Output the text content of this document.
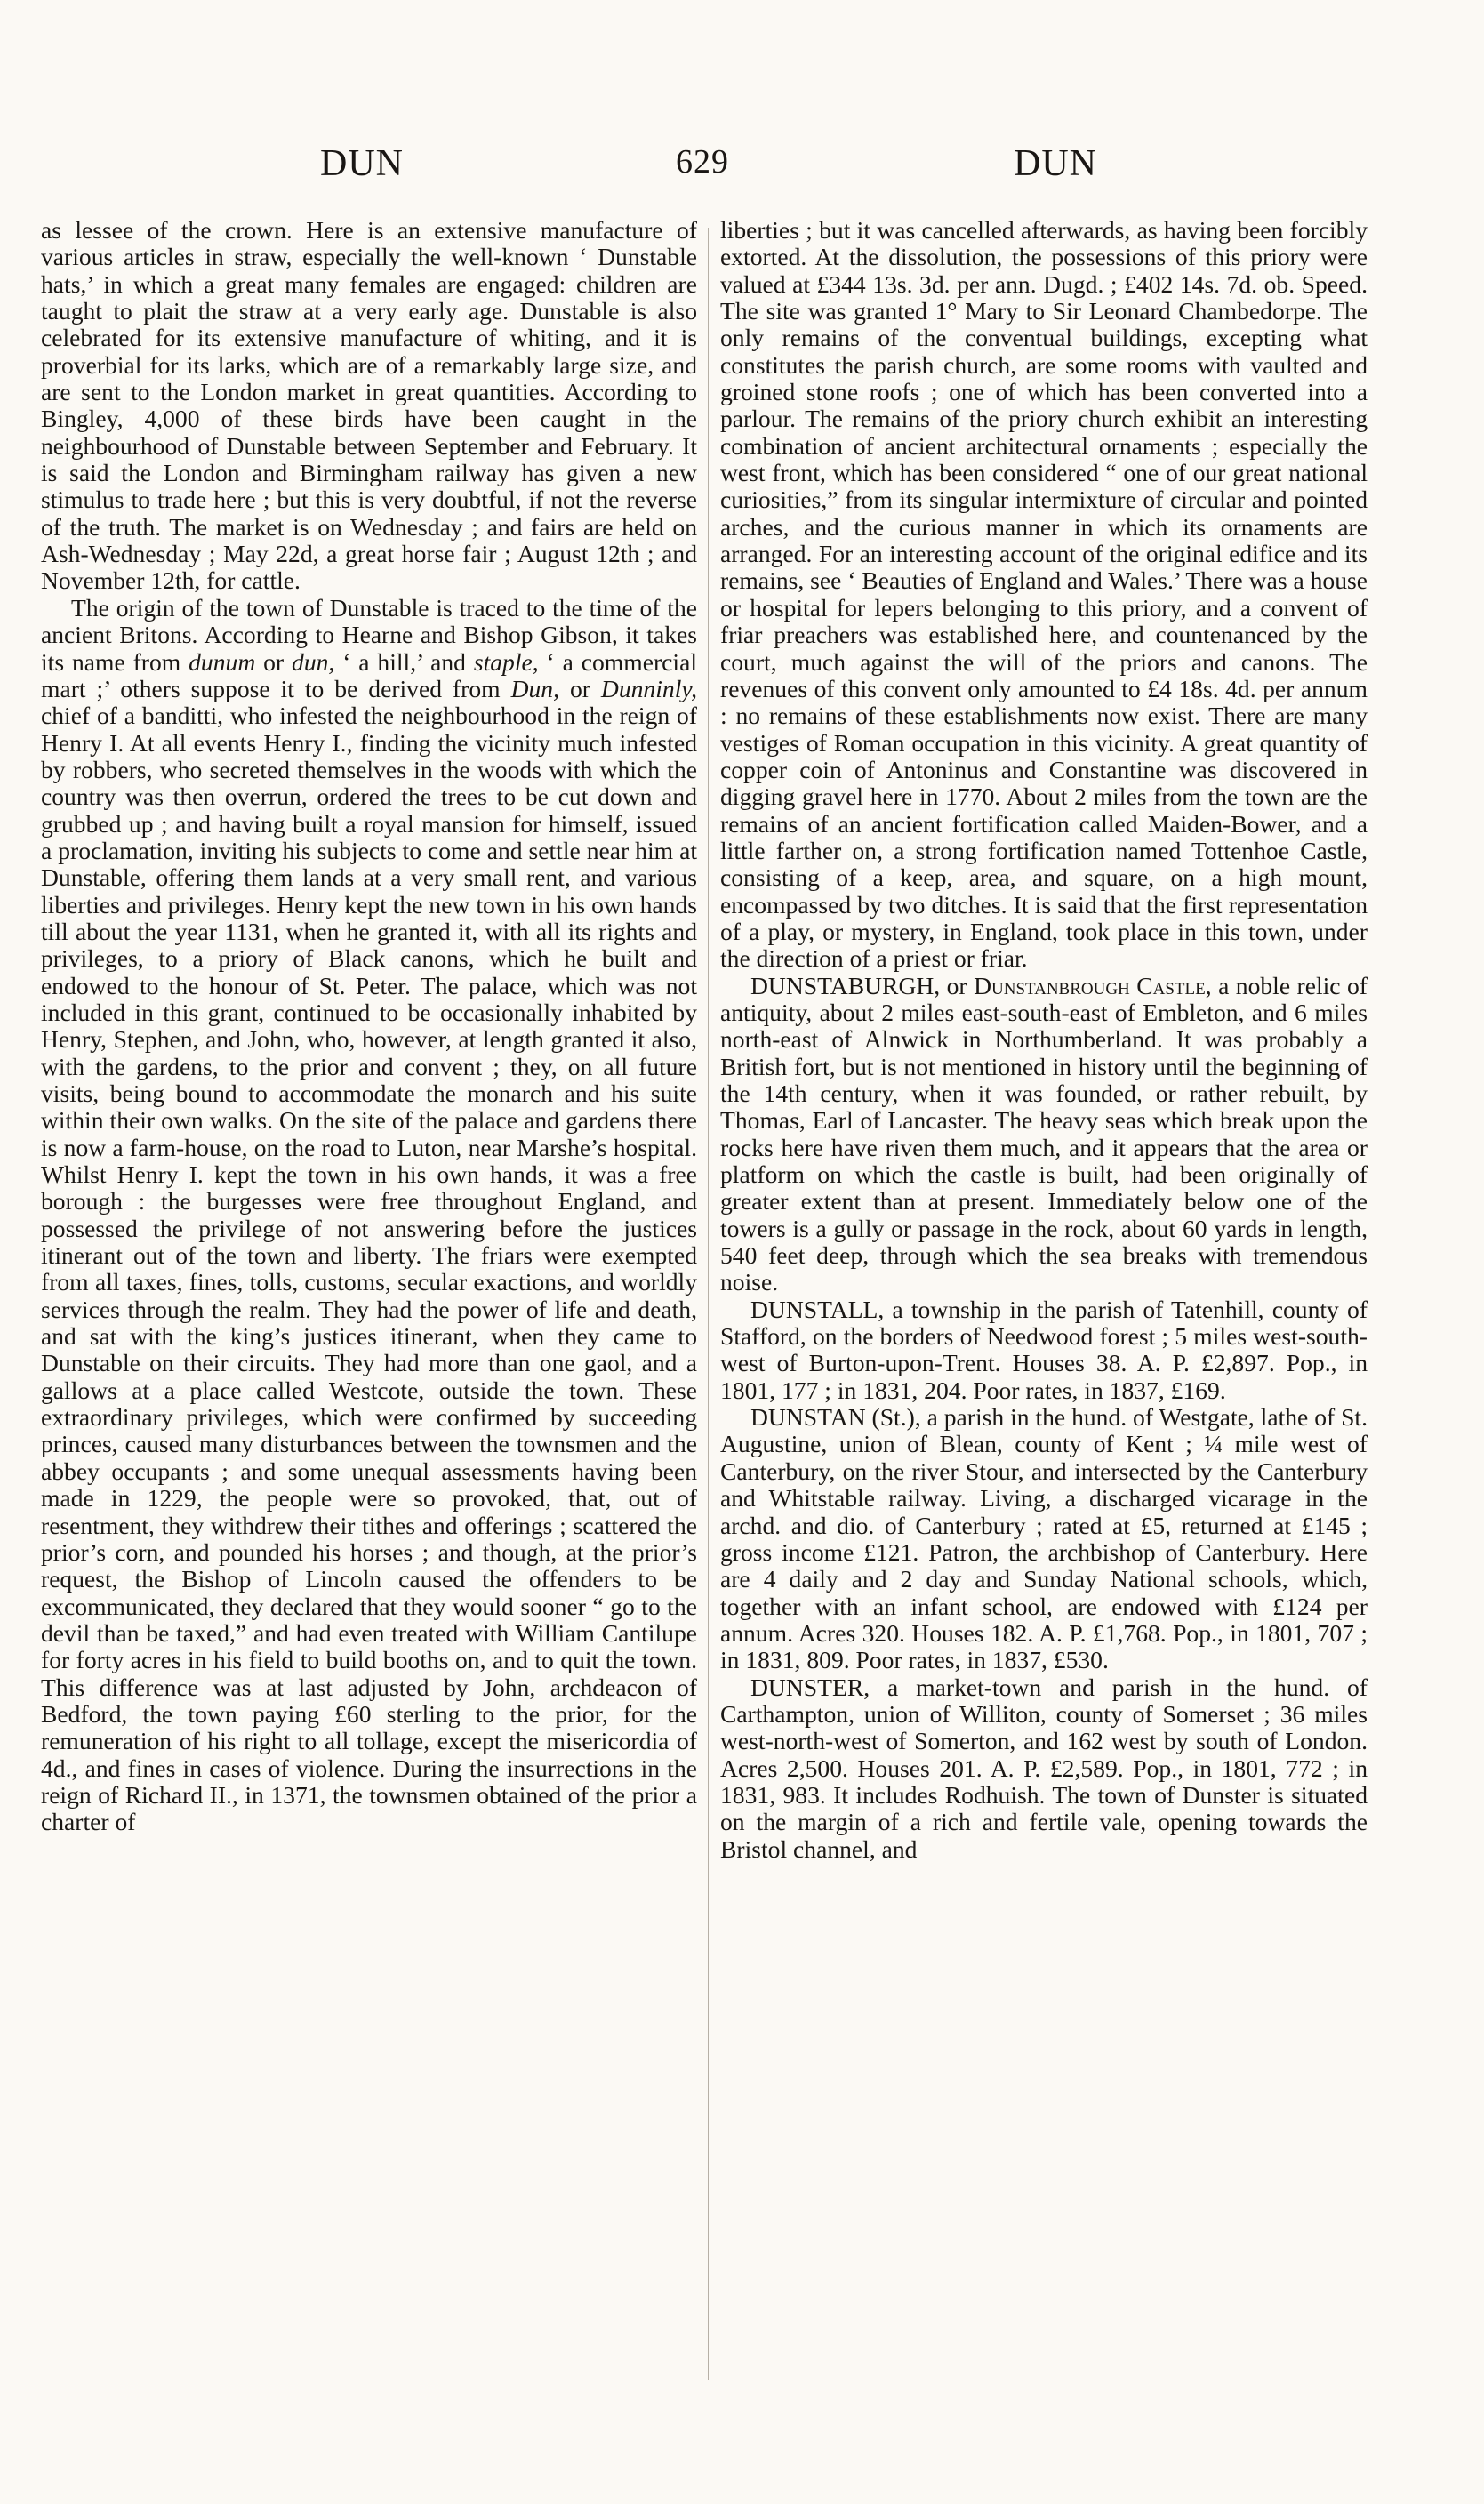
DUN	629	DUN

as lessee of the crown. Here is an extensive manufacture of various articles in straw, especially the well-known ‘ Dunstable hats,’ in which a great many females are engaged: children are taught to plait the straw at a very early age. Dunstable is also celebrated for its extensive manufacture of whiting, and it is proverbial for its larks, which are of a remarkably large size, and are sent to the London market in great quantities. According to Bingley, 4,000 of these birds have been caught in the neighbourhood of Dunstable between September and February. It is said the London and Birmingham railway has given a new stimulus to trade here ; but this is very doubtful, if not the reverse of the truth. The market is on Wednesday ; and fairs are held on Ash-Wednesday ; May 22d, a great horse fair ; August 12th ; and November 12th, for cattle.

The origin of the town of Dunstable is traced to the time of the ancient Britons. According to Hearne and Bishop Gibson, it takes its name from dunum or dun, ‘ a hill,’ and staple, ‘ a commercial mart ;’ others suppose it to be derived from Dun, or Dunninly, chief of a banditti, who infested the neighbourhood in the reign of Henry I. At all events Henry I., finding the vicinity much infested by robbers, who secreted themselves in the woods with which the country was then overrun, ordered the trees to be cut down and grubbed up ; and having built a royal mansion for himself, issued a proclamation, inviting his subjects to come and settle near him at Dunstable, offering them lands at a very small rent, and various liberties and privileges. Henry kept the new town in his own hands till about the year 1131, when he granted it, with all its rights and privileges, to a priory of Black canons, which he built and endowed to the honour of St. Peter. The palace, which was not included in this grant, continued to be occasionally inhabited by Henry, Stephen, and John, who, however, at length granted it also, with the gardens, to the prior and convent ; they, on all future visits, being bound to accommodate the monarch and his suite within their own walks. On the site of the palace and gardens there is now a farm-house, on the road to Luton, near Marshe’s hospital. Whilst Henry I. kept the town in his own hands, it was a free borough : the burgesses were free throughout England, and possessed the privilege of not answering before the justices itinerant out of the town and liberty. The friars were exempted from all taxes, fines, tolls, customs, secular exactions, and worldly services through the realm. They had the power of life and death, and sat with the king’s justices itinerant, when they came to Dunstable on their circuits. They had more than one gaol, and a gallows at a place called Westcote, outside the town. These extraordinary privileges, which were confirmed by succeeding princes, caused many disturbances between the townsmen and the abbey occupants ; and some unequal assessments having been made in 1229, the people were so provoked, that, out of resentment, they withdrew their tithes and offerings ; scattered the prior’s corn, and pounded his horses ; and though, at the prior’s request, the Bishop of Lincoln caused the offenders to be excommunicated, they declared that they would sooner “ go to the devil than be taxed,” and had even treated with William Cantilupe for forty acres in his field to build booths on, and to quit the town. This difference was at last adjusted by John, archdeacon of Bedford, the town paying £60 sterling to the prior, for the remuneration of his right to all tollage, except the misericordia of 4d., and fines in cases of violence. During the insurrections in the reign of Richard II., in 1371, the townsmen obtained of the prior a charter of

liberties ; but it was cancelled afterwards, as having been forcibly extorted. At the dissolution, the possessions of this priory were valued at £344 13s. 3d. per ann. Dugd. ; £402 14s. 7d. ob. Speed. The site was granted 1° Mary to Sir Leonard Chambedorpe. The only remains of the conventual buildings, excepting what constitutes the parish church, are some rooms with vaulted and groined stone roofs ; one of which has been converted into a parlour. The remains of the priory church exhibit an interesting combination of ancient architectural ornaments ; especially the west front, which has been considered “ one of our great national curiosities,” from its singular intermixture of circular and pointed arches, and the curious manner in which its ornaments are arranged. For an interesting account of the original edifice and its remains, see ‘ Beauties of England and Wales.’ There was a house or hospital for lepers belonging to this priory, and a convent of friar preachers was established here, and countenanced by the court, much against the will of the priors and canons. The revenues of this convent only amounted to £4 18s. 4d. per annum : no remains of these establishments now exist. There are many vestiges of Roman occupation in this vicinity. A great quantity of copper coin of Antoninus and Constantine was discovered in digging gravel here in 1770. About 2 miles from the town are the remains of an ancient fortification called Maiden-Bower, and a little farther on, a strong fortification named Tottenhoe Castle, consisting of a keep, area, and square, on a high mount, encompassed by two ditches. It is said that the first representation of a play, or mystery, in England, took place in this town, under the direction of a priest or friar.

DUNSTABURGH, or Dunstanbrough Castle, a noble relic of antiquity, about 2 miles east-south-east of Embleton, and 6 miles north-east of Alnwick in Northumberland. It was probably a British fort, but is not mentioned in history until the beginning of the 14th century, when it was founded, or rather rebuilt, by Thomas, Earl of Lancaster. The heavy seas which break upon the rocks here have riven them much, and it appears that the area or platform on which the castle is built, had been originally of greater extent than at present. Immediately below one of the towers is a gully or passage in the rock, about 60 yards in length, 540 feet deep, through which the sea breaks with tremendous noise.

DUNSTALL, a township in the parish of Tatenhill, county of Stafford, on the borders of Needwood forest ; 5 miles west-south-west of Burton-upon-Trent. Houses 38. A. P. £2,897. Pop., in 1801, 177 ; in 1831, 204. Poor rates, in 1837, £169.

DUNSTAN (St.), a parish in the hund. of Westgate, lathe of St. Augustine, union of Blean, county of Kent ; ¼ mile west of Canterbury, on the river Stour, and intersected by the Canterbury and Whitstable railway. Living, a discharged vicarage in the archd. and dio. of Canterbury ; rated at £5, returned at £145 ; gross income £121. Patron, the archbishop of Canterbury. Here are 4 daily and 2 day and Sunday National schools, which, together with an infant school, are endowed with £124 per annum. Acres 320. Houses 182. A. P. £1,768. Pop., in 1801, 707 ; in 1831, 809. Poor rates, in 1837, £530.

DUNSTER, a market-town and parish in the hund. of Carthampton, union of Williton, county of Somerset ; 36 miles west-north-west of Somerton, and 162 west by south of London. Acres 2,500. Houses 201. A. P. £2,589. Pop., in 1801, 772 ; in 1831, 983. It includes Rodhuish. The town of Dunster is situated on the margin of a rich and fertile vale, opening towards the Bristol channel, and
